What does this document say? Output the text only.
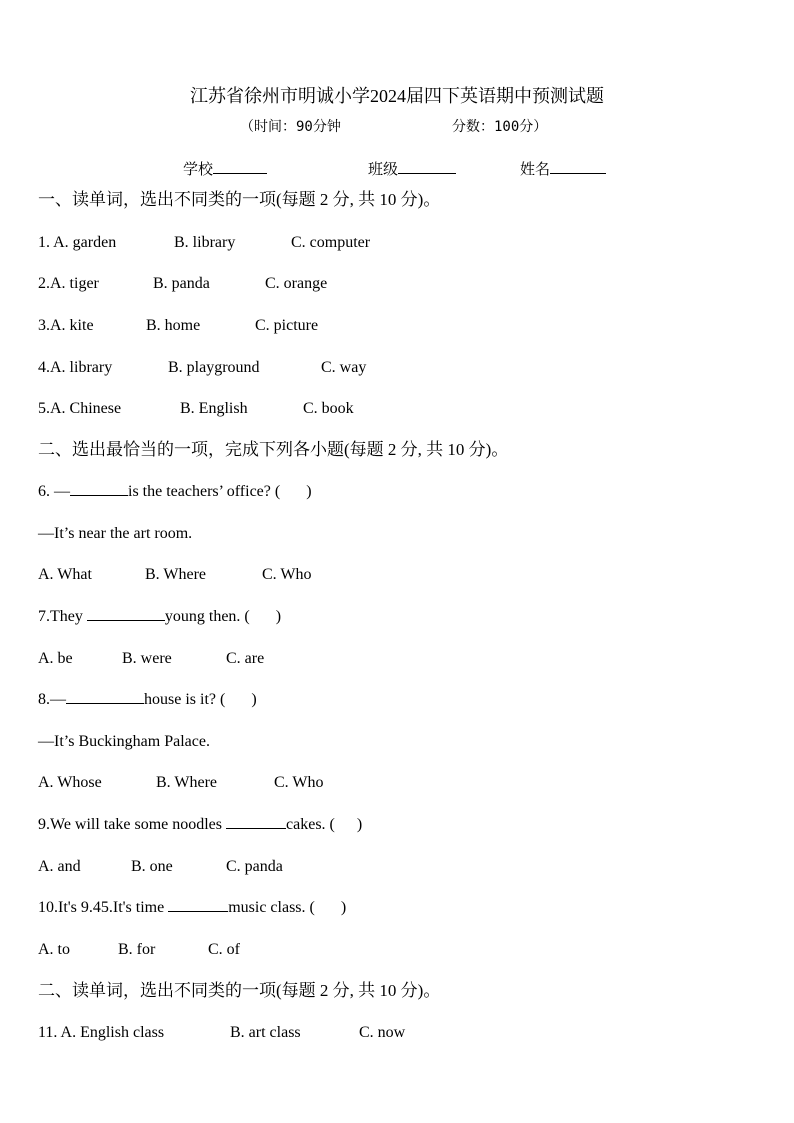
江苏省徐州市明诚小学2024届四下英语期中预测试题
（时间：90分钟	分数：100分）
学校	班级	姓名
一、读单词，选出不同类的一项(每题 2 分, 共 10 分)。
1. A. garden	B. library	C. computer
2.A. tiger	B. panda	C. orange
3.A. kite	B. home	C. picture
4.A. library	B. playground	C. way
5.A. Chinese	B. English	C. book
二、选出最恰当的一项，完成下列各小题(每题 2 分, 共 10 分)。
6. —	is the teachers’ office? ( )
—It’s near the art room.
A. What	B. Where	C. Who
7.They	young then. ( )
A. be	B. were	C. are
8.—	house is it? ( )
—It’s Buckingham Palace.
A. Whose	B. Where	C. Who
9.We will take some noodles	cakes. ( )
A. and	B. one	C. panda
10.It's 9.45.It's time	music class. ( )
A. to	B. for	C. of
二、读单词，选出不同类的一项(每题 2 分, 共 10 分)。
11. A. English class	B. art class	C. now
